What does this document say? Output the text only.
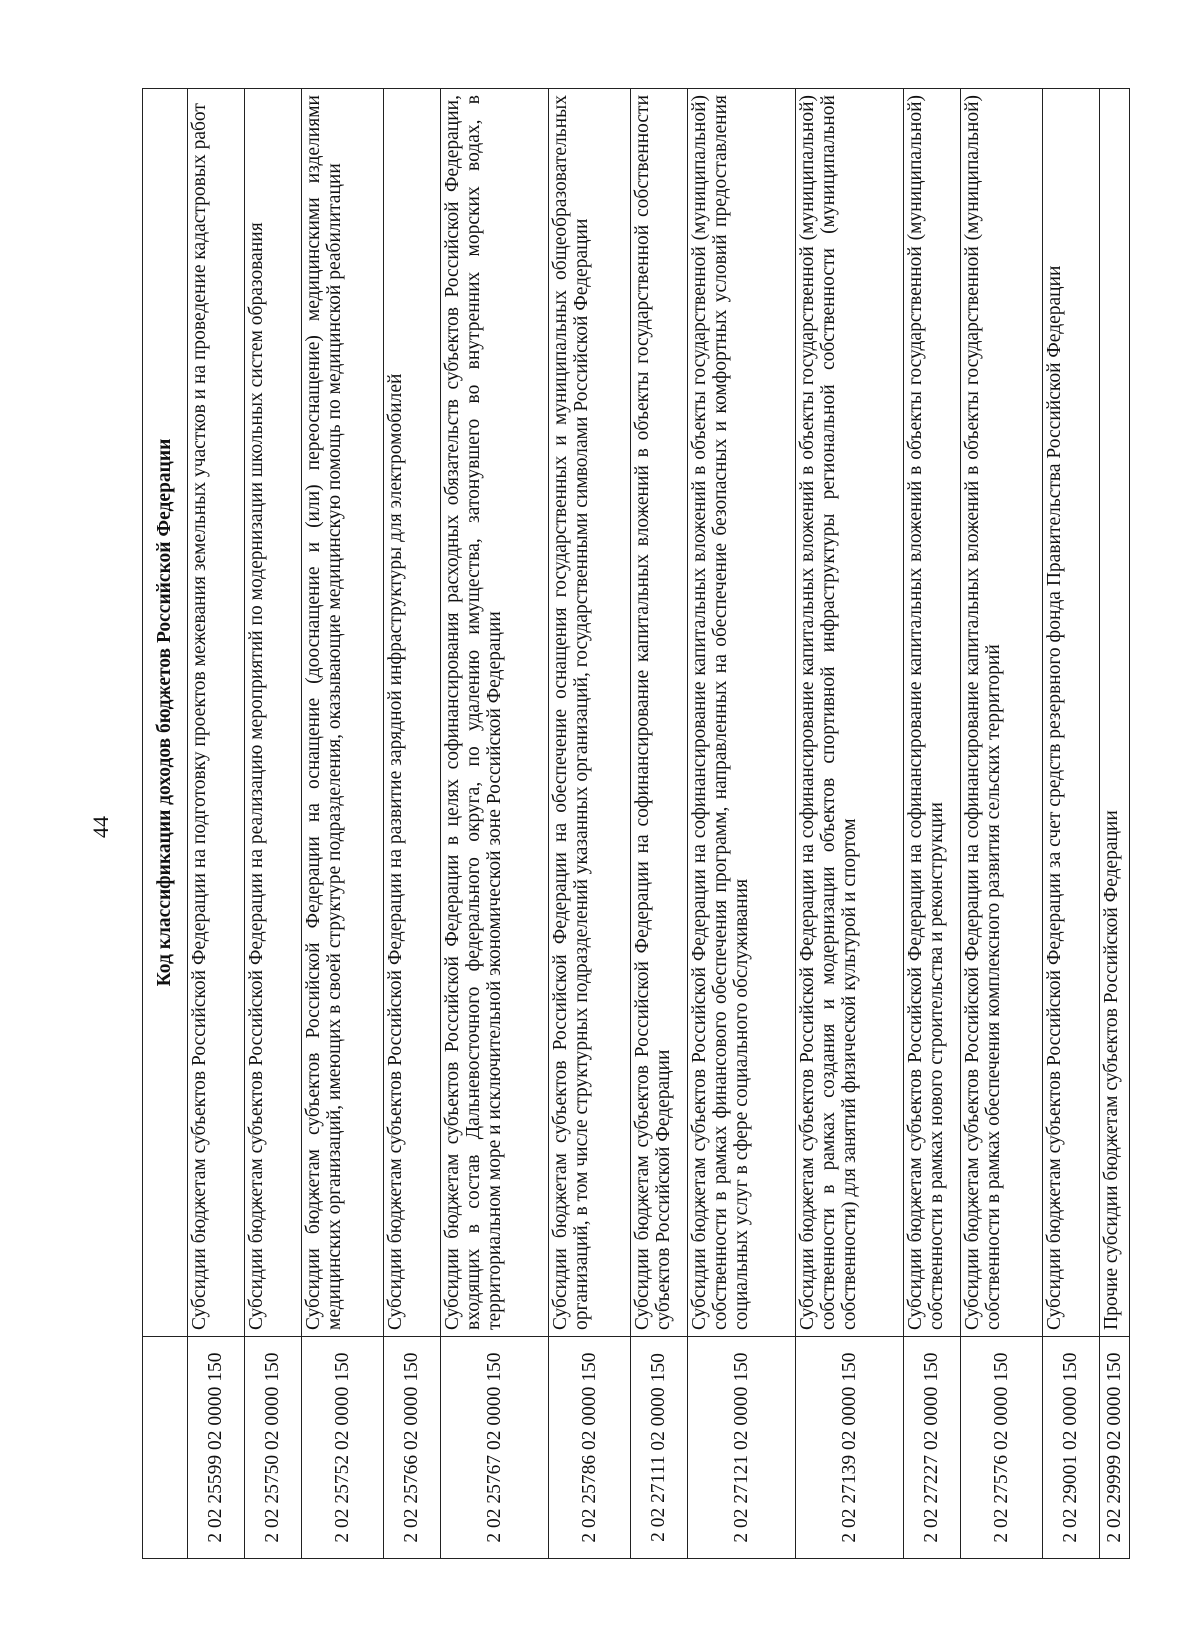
44
	Код классификации доходов бюджетов Российской Федерации
2 02 25599 02 0000 150	Субсидии бюджетам субъектов Российской Федерации на подготовку проектов межевания земельных участков и на проведение кадастровых работ
2 02 25750 02 0000 150	Субсидии бюджетам субъектов Российской Федерации на реализацию мероприятий по модернизации школьных систем образования
2 02 25752 02 0000 150	Субсидии бюджетам субъектов Российской Федерации на оснащение (дооснащение и (или) переоснащение) медицинскими изделиями медицинских организаций, имеющих в своей структуре подразделения, оказывающие медицинскую помощь по медицинской реабилитации
2 02 25766 02 0000 150	Субсидии бюджетам субъектов Российской Федерации на развитие зарядной инфраструктуры для электромобилей
2 02 25767 02 0000 150	Субсидии бюджетам субъектов Российской Федерации в целях софинансирования расходных обязательств субъектов Российской Федерации, входящих в состав Дальневосточного федерального округа, по удалению имущества, затонувшего во внутренних морских водах, в территориальном море и исключительной экономической зоне Российской Федерации
2 02 25786 02 0000 150	Субсидии бюджетам субъектов Российской Федерации на обеспечение оснащения государственных и муниципальных общеобразовательных организаций, в том числе структурных подразделений указанных организаций, государственными символами Российской Федерации
2 02 27111 02 0000 150	Субсидии бюджетам субъектов Российской Федерации на софинансирование капитальных вложений в объекты государственной собственности субъектов Российской Федерации
2 02 27121 02 0000 150	Субсидии бюджетам субъектов Российской Федерации на софинансирование капитальных вложений в объекты государственной (муниципальной) собственности в рамках финансового обеспечения программ, направленных на обеспечение безопасных и комфортных условий предоставления социальных услуг в сфере социального обслуживания
2 02 27139 02 0000 150	Субсидии бюджетам субъектов Российской Федерации на софинансирование капитальных вложений в объекты государственной (муниципальной) собственности в рамках создания и модернизации объектов спортивной инфраструктуры региональной собственности (муниципальной собственности) для занятий физической культурой и спортом
2 02 27227 02 0000 150	Субсидии бюджетам субъектов Российской Федерации на софинансирование капитальных вложений в объекты государственной (муниципальной) собственности в рамках нового строительства и реконструкции
2 02 27576 02 0000 150	Субсидии бюджетам субъектов Российской Федерации на софинансирование капитальных вложений в объекты государственной (муниципальной) собственности в рамках обеспечения комплексного развития сельских территорий
2 02 29001 02 0000 150	Субсидии бюджетам субъектов Российской Федерации за счет средств резервного фонда Правительства Российской Федерации
2 02 29999 02 0000 150	Прочие субсидии бюджетам субъектов Российской Федерации
